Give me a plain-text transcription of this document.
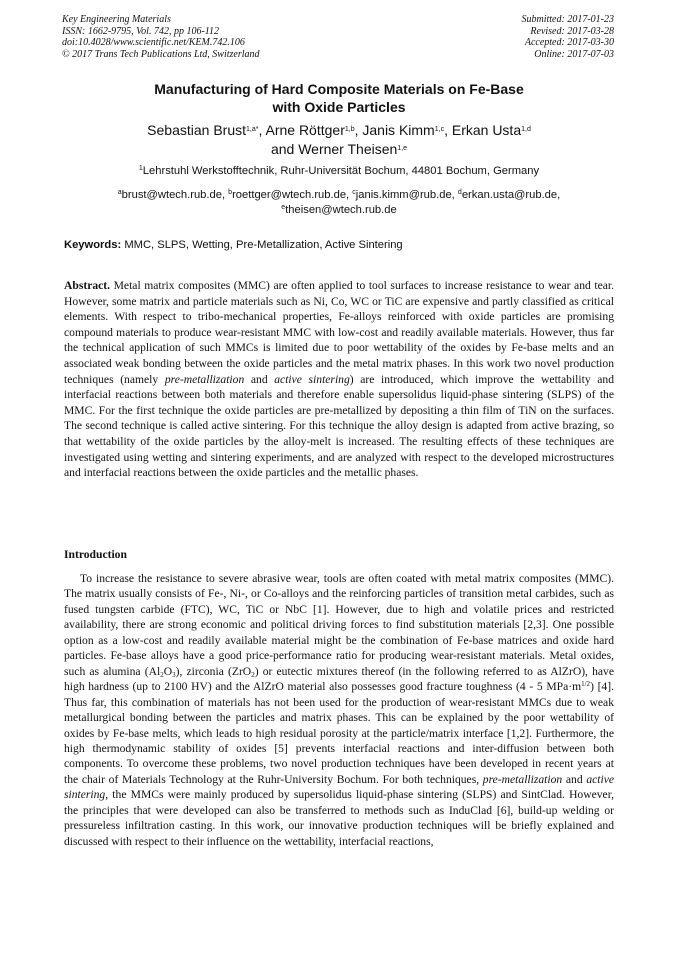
Key Engineering Materials
ISSN: 1662-9795, Vol. 742, pp 106-112
doi:10.4028/www.scientific.net/KEM.742.106
© 2017 Trans Tech Publications Ltd, Switzerland
Submitted: 2017-01-23
Revised: 2017-03-28
Accepted: 2017-03-30
Online: 2017-07-03
Manufacturing of Hard Composite Materials on Fe-Base
with Oxide Particles
Sebastian Brust$^{1,a*}$, Arne Röttger$^{1,b}$, Janis Kimm$^{1,c}$, Erkan Usta$^{1,d}$
and Werner Theisen$^{1,e}$
$^1$Lehrstuhl Werkstofftechnik, Ruhr-Universität Bochum, 44801 Bochum, Germany
$^a$brust@wtech.rub.de, $^b$roettger@wtech.rub.de, $^c$janis.kimm@rub.de, $^d$erkan.usta@rub.de,
$^e$theisen@wtech.rub.de
Keywords: MMC, SLPS, Wetting, Pre-Metallization, Active Sintering
Abstract. Metal matrix composites (MMC) are often applied to tool surfaces to increase resistance to wear and tear. However, some matrix and particle materials such as Ni, Co, WC or TiC are expensive and partly classified as critical elements. With respect to tribo-mechanical properties, Fe-alloys reinforced with oxide particles are promising compound materials to produce wear-resistant MMC with low-cost and readily available materials. However, thus far the technical application of such MMCs is limited due to poor wettability of the oxides by Fe-base melts and an associated weak bonding between the oxide particles and the metal matrix phases. In this work two novel production techniques (namely pre-metallization and active sintering) are introduced, which improve the wettability and interfacial reactions between both materials and therefore enable supersolidus liquid-phase sintering (SLPS) of the MMC. For the first technique the oxide particles are pre-metallized by depositing a thin film of TiN on the surfaces. The second technique is called active sintering. For this technique the alloy design is adapted from active brazing, so that wettability of the oxide particles by the alloy-melt is increased. The resulting effects of these techniques are investigated using wetting and sintering experiments, and are analyzed with respect to the developed microstructures and interfacial reactions between the oxide particles and the metallic phases.
Introduction
To increase the resistance to severe abrasive wear, tools are often coated with metal matrix composites (MMC). The matrix usually consists of Fe-, Ni-, or Co-alloys and the reinforcing particles of transition metal carbides, such as fused tungsten carbide (FTC), WC, TiC or NbC [1]. However, due to high and volatile prices and restricted availability, there are strong economic and political driving forces to find substitution materials [2,3]. One possible option as a low-cost and readily available material might be the combination of Fe-base matrices and oxide hard particles. Fe-base alloys have a good price-performance ratio for producing wear-resistant materials. Metal oxides, such as alumina $(Al_2O_3)$, zirconia (ZrO$_2$) or eutectic mixtures thereof (in the following referred to as AlZrO), have high hardness (up to 2100 HV) and the AlZrO material also possesses good fracture toughness (4 - 5 $MPa\cdot m^{1/2}$) [4]. Thus far, this combination of materials has not been used for the production of wear-resistant MMCs due to weak metallurgical bonding between the particles and matrix phases. This can be explained by the poor wettability of oxides by Fe-base melts, which leads to high residual porosity at the particle/matrix interface [1,2]. Furthermore, the high thermodynamic stability of oxides [5] prevents interfacial reactions and inter-diffusion between both components. To overcome these problems, two novel production techniques have been developed in recent years at the chair of Materials Technology at the Ruhr-University Bochum. For both techniques, pre-metallization and active sintering, the MMCs were mainly produced by supersolidus liquid-phase sintering (SLPS) and SintClad. However, the principles that were developed can also be transferred to methods such as InduClad [6], build-up welding or pressureless infiltration casting. In this work, our innovative production techniques will be briefly explained and discussed with respect to their influence on the wettability, interfacial reactions,
